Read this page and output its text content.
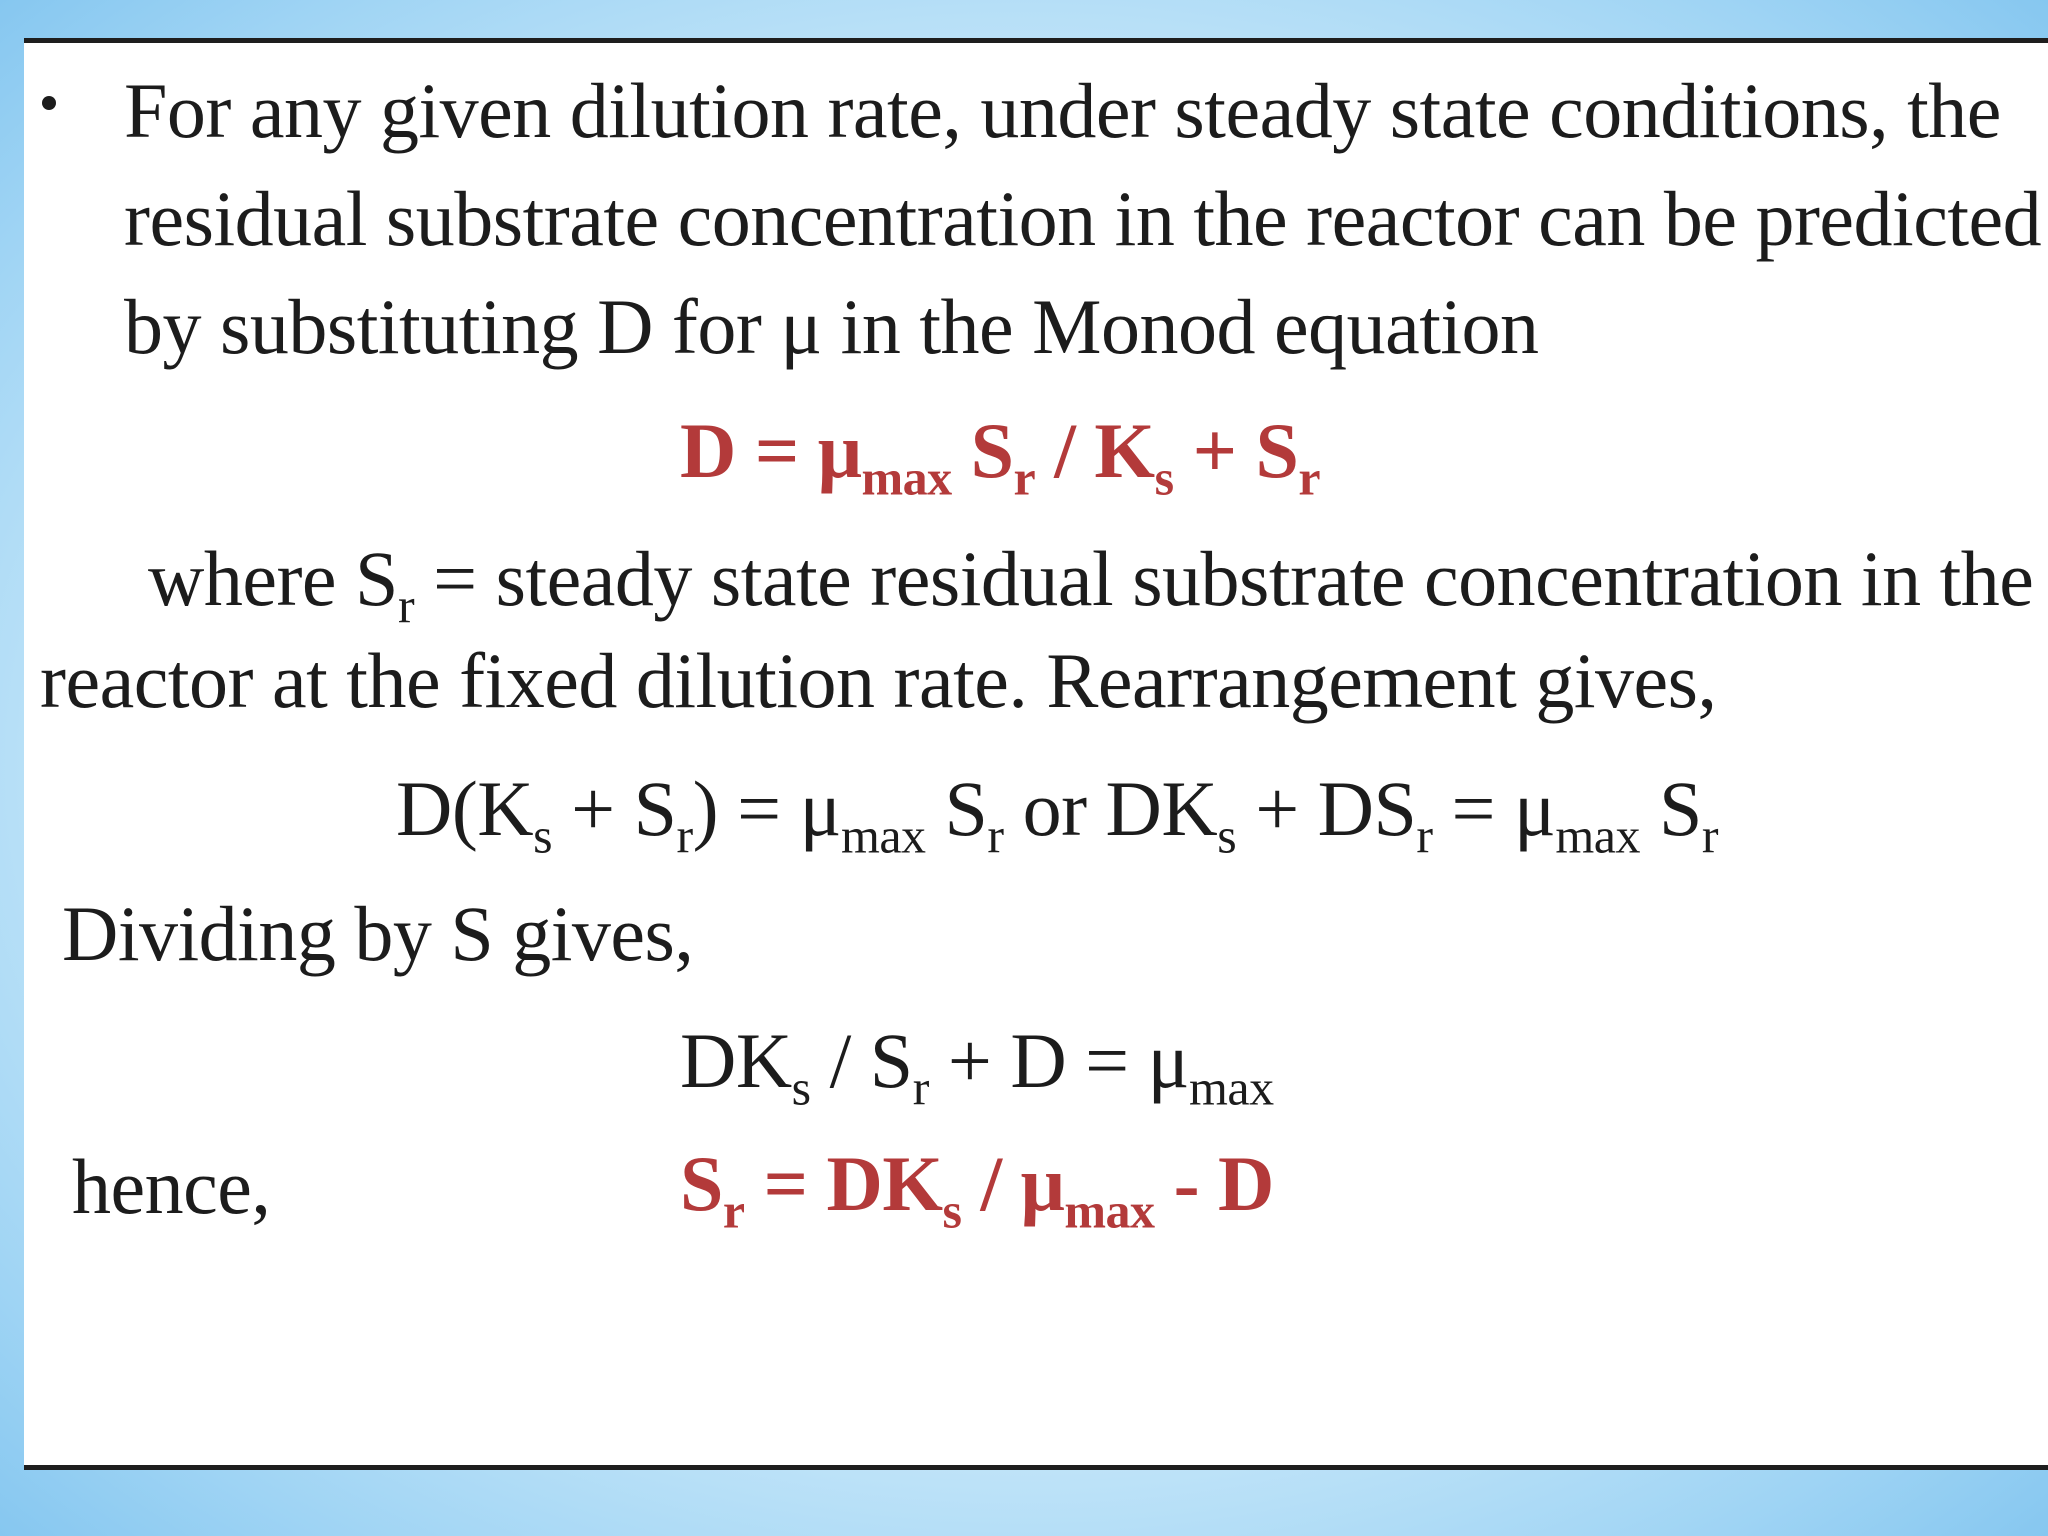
For any given dilution rate, under steady state conditions, the
residual substrate concentration in the reactor can be predicted
by substituting D for μ in the Monod equation
$D = \mu_{max}$ $S_r / K_s + S_r$
where $S_r$ = steady state residual substrate concentration in the
reactor at the fixed dilution rate. Rearrangement gives,
$D(K_s + S_r) = \mu_{max}$ $S_r$ or $DK_s + DS_r = \mu_{max}$ $S_r$
Dividing by S gives,
$DK_s / S_r + D = \mu_{max}$
hence,	$S_r = DK_s / \mu_{max} - D$
